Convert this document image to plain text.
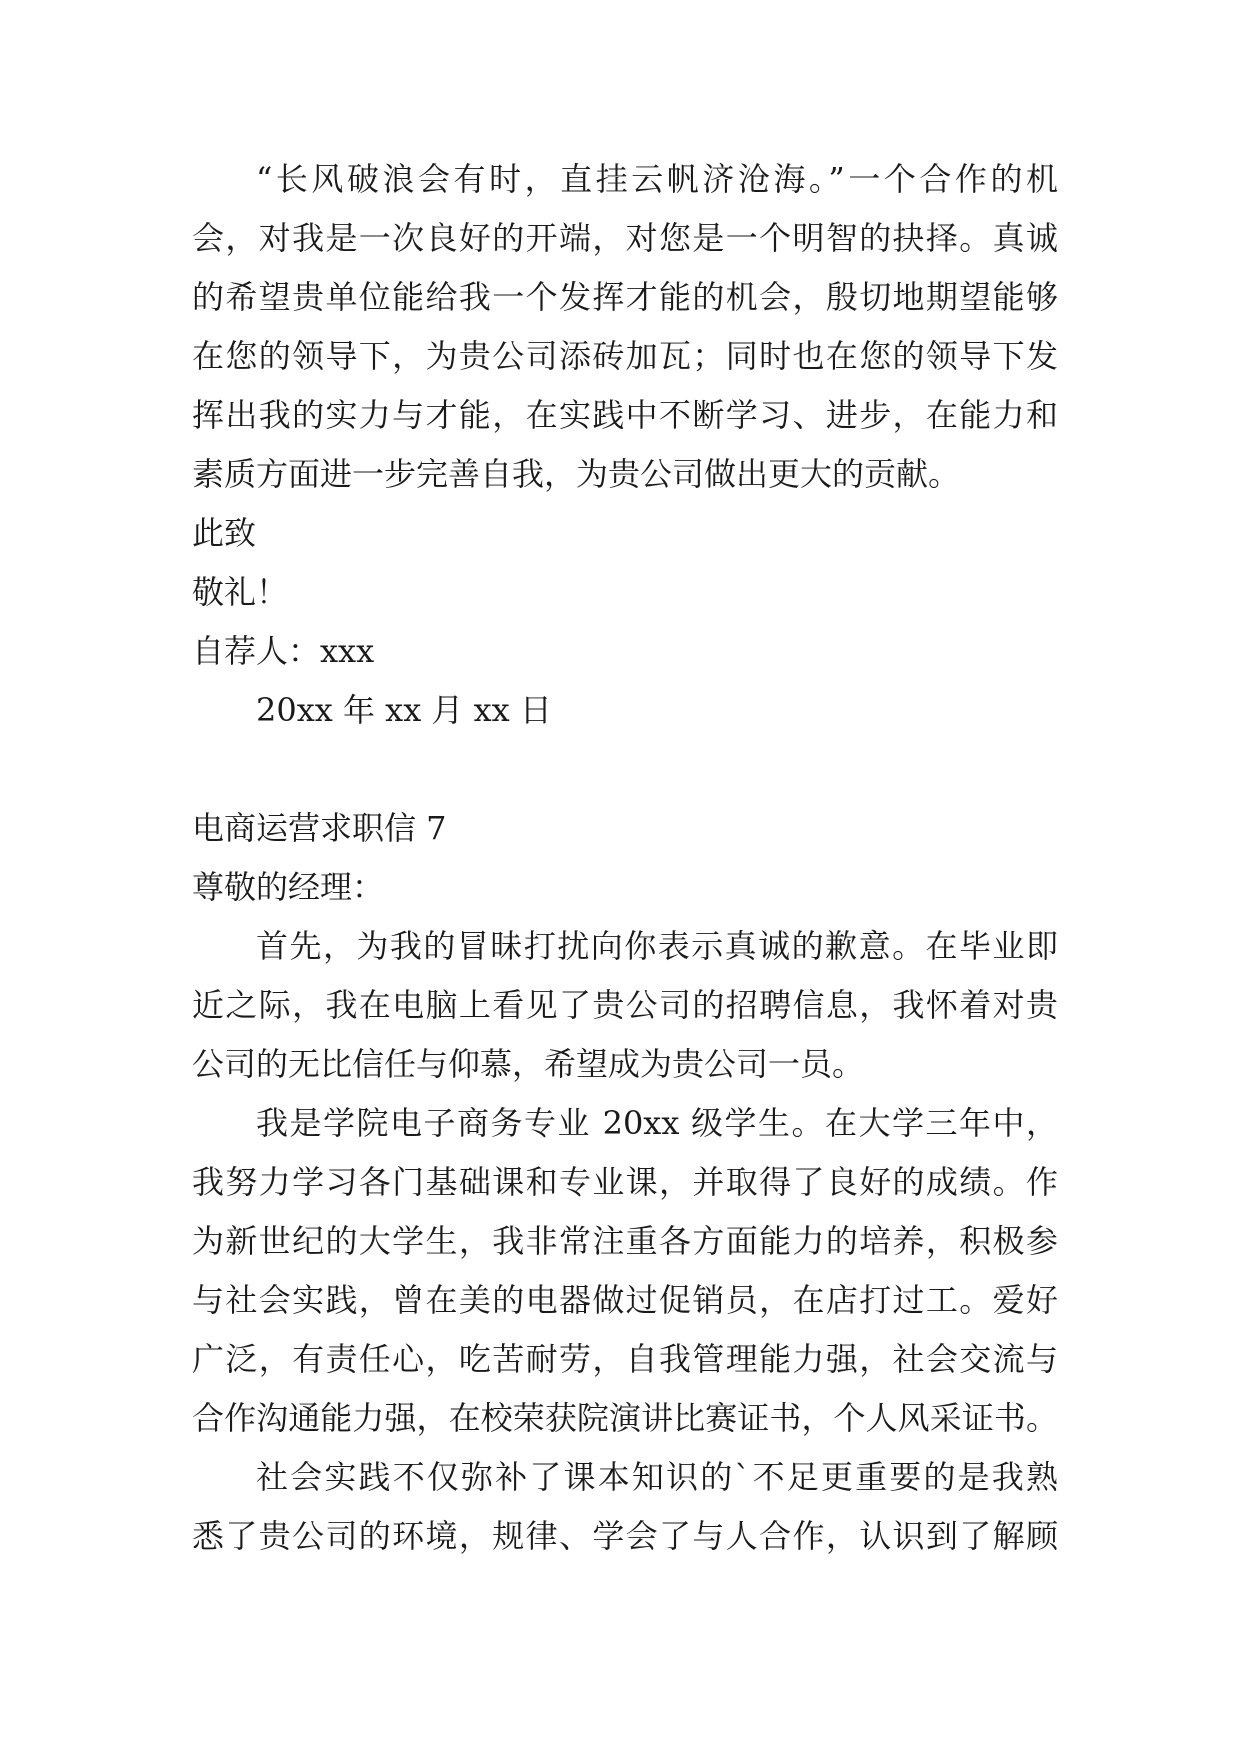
“长风破浪会有时，直挂云帆济沧海。”一个合作的机

会，对我是一次良好的开端，对您是一个明智的抉择。真诚

的希望贵单位能给我一个发挥才能的机会，殷切地期望能够

在您的领导下，为贵公司添砖加瓦；同时也在您的领导下发

挥出我的实力与才能，在实践中不断学习、进步，在能力和

素质方面进一步完善自我，为贵公司做出更大的贡献。

此致

敬礼！

自荐人：xxx

20xx 年 xx 月 xx 日

电商运营求职信 7

尊敬的经理：

首先，为我的冒昧打扰向你表示真诚的歉意。在毕业即

近之际，我在电脑上看见了贵公司的招聘信息，我怀着对贵

公司的无比信任与仰慕，希望成为贵公司一员。

我是学院电子商务专业 20xx 级学生。在大学三年中，

我努力学习各门基础课和专业课，并取得了良好的成绩。作

为新世纪的大学生，我非常注重各方面能力的培养，积极参

与社会实践，曾在美的电器做过促销员，在店打过工。爱好

广泛，有责任心，吃苦耐劳，自我管理能力强，社会交流与

合作沟通能力强，在校荣获院演讲比赛证书，个人风采证书。

社会实践不仅弥补了课本知识的`不足更重要的是我熟

悉了贵公司的环境，规律、学会了与人合作，认识到了解顾
